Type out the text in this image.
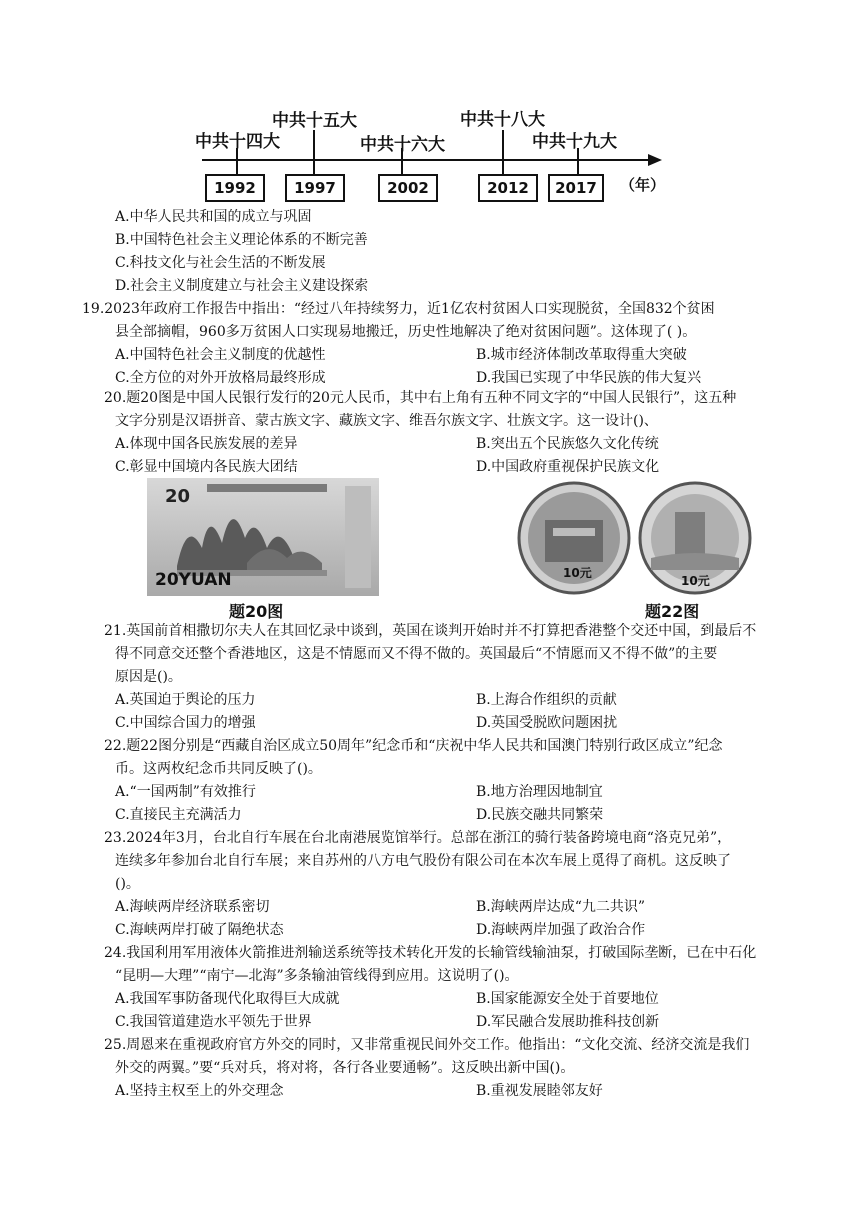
中共十四大
中共十五大
中共十六大
中共十八大
中共十九大
1992	1997	2002	2012	2017	（年）
A.中华人民共和国的成立与巩固
B.中国特色社会主义理论体系的不断完善
C.科技文化与社会生活的不断发展
D.社会主义制度建立与社会主义建设探索
19.2023年政府工作报告中指出：“经过八年持续努力，近1亿农村贫困人口实现脱贫，全国832个贫困
县全部摘帽，960多万贫困人口实现易地搬迁，历史性地解决了绝对贫困问题”。这体现了( )。
A.中国特色社会主义制度的优越性	B.城市经济体制改革取得重大突破
C.全方位的对外开放格局最终形成	D.我国已实现了中华民族的伟大复兴
20.题20图是中国人民银行发行的20元人民币，其中右上角有五种不同文字的“中国人民银行”，这五种
文字分别是汉语拼音、蒙古族文字、藏族文字、维吾尔族文字、壮族文字。这一设计()、
A.体现中国各民族发展的差异	B.突出五个民族悠久文化传统
C.彰显中国境内各民族大团结	D.中国政府重视保护民族文化
20
20YUAN
题20图
10元
10元
题22图
21.英国前首相撒切尔夫人在其回忆录中谈到，英国在谈判开始时并不打算把香港整个交还中国，到最后不
得不同意交还整个香港地区，这是不情愿而又不得不做的。英国最后“不情愿而又不得不做”的主要
原因是()。
A.英国迫于舆论的压力	B.上海合作组织的贡献
C.中国综合国力的增强	D.英国受脱欧问题困扰
22.题22图分别是“西藏自治区成立50周年”纪念币和“庆祝中华人民共和国澳门特别行政区成立”纪念
币。这两枚纪念币共同反映了()。
A.“一国两制”有效推行	B.地方治理因地制宜
C.直接民主充满活力	D.民族交融共同繁荣
23.2024年3月，台北自行车展在台北南港展览馆举行。总部在浙江的骑行装备跨境电商“洛克兄弟”，
连续多年参加台北自行车展；来自苏州的八方电气股份有限公司在本次车展上觅得了商机。这反映了
()。
A.海峡两岸经济联系密切	B.海峡两岸达成“九二共识”
C.海峡两岸打破了隔绝状态	D.海峡两岸加强了政治合作
24.我国利用军用液体火箭推进剂输送系统等技术转化开发的长输管线输油泵，打破国际垄断，已在中石化
“昆明—大理”“南宁—北海”多条输油管线得到应用。这说明了()。
A.我国军事防备现代化取得巨大成就	B.国家能源安全处于首要地位
C.我国管道建造水平领先于世界	D.军民融合发展助推科技创新
25.周恩来在重视政府官方外交的同时，又非常重视民间外交工作。他指出：“文化交流、经济交流是我们
外交的两翼。”要“兵对兵，将对将，各行各业要通畅”。这反映出新中国()。
A.坚持主权至上的外交理念	B.重视发展睦邻友好
